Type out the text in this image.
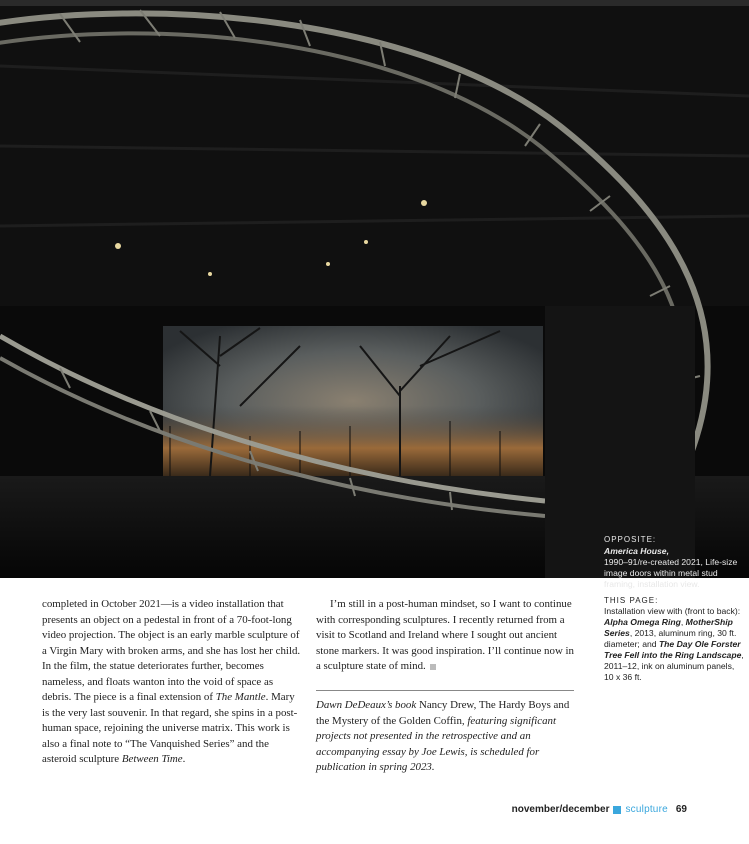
completed in October 2021—is a video installation that presents an object on a pedestal in front of a 70-foot-long video projection. The object is an early marble sculpture of a Virgin Mary with broken arms, and she has lost her child. In the film, the statue deteriorates further, becomes nameless, and floats wanton into the void of space as debris. The piece is a final extension of The Mantle. Mary is the very last souvenir. In that regard, she spins in a post-human space, rejoining the universe matrix. This work is also a final note to “The Vanquished Series” and the asteroid sculpture Between Time.

I’m still in a post-human mindset, so I want to continue with corresponding sculptures. I recently returned from a visit to Scotland and Ireland where I sought out ancient stone markers. It was good inspiration. I’ll continue now in a sculpture state of mind.

Dawn DeDeaux’s book Nancy Drew, The Hardy Boys and the Mystery of the Golden Coffin, featuring significant projects not presented in the retrospective and an accompanying essay by Joe Lewis, is scheduled for publication in spring 2023.
OPPOSITE:
America House,
1990–91/re-created 2021, Life-size image doors within metal stud framing, installation view.
THIS PAGE:
Installation view with (front to back): Alpha Omega Ring, MotherShip Series, 2013, aluminum ring, 30 ft. diameter; and The Day Ole Forster Tree Fell into the Ring Landscape, 2011–12, ink on aluminum panels, 10 x 36 ft.
november/december sculpture 69
